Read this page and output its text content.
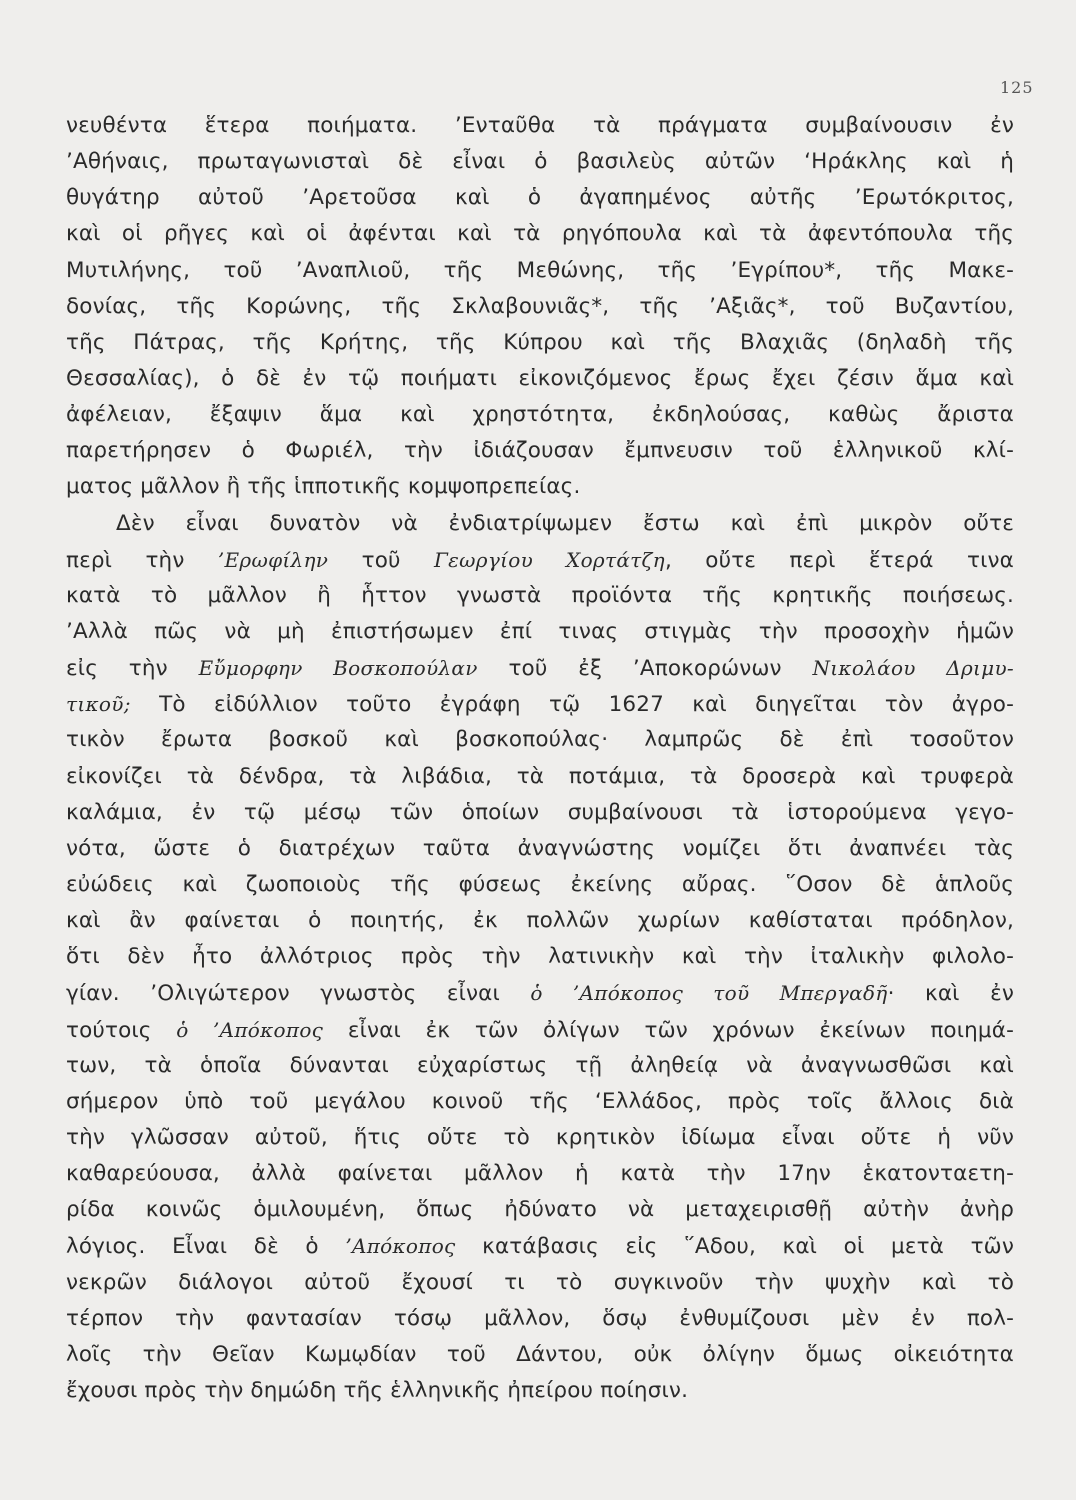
125
νευθέντα ἕτερα ποιήματα. ’Ενταῦθα τὰ πράγματα συμβαίνουσιν ἐν
’Αθήναις, πρωταγωνισταὶ δὲ εἶναι ὁ βασιλεὺς αὐτῶν ‘Ηράκλης καὶ ἡ
θυγάτηρ αὐτοῦ ’Αρετοῦσα καὶ ὁ ἀγαπημένος αὐτῆς ’Ερωτόκριτος,
καὶ οἱ ρῆγες καὶ οἱ ἀφένται καὶ τὰ ρηγόπουλα καὶ τὰ ἀφεντόπουλα τῆς
Μυτιλήνης, τοῦ ’Αναπλιοῦ, τῆς Μεθώνης, τῆς ’Εγρίπου*, τῆς Μακε-
δονίας, τῆς Κορώνης, τῆς Σκλαβουνιᾶς*, τῆς ’Αξιᾶς*, τοῦ Βυζαντίου,
τῆς Πάτρας, τῆς Κρήτης, τῆς Κύπρου καὶ τῆς Βλαχιᾶς (δηλαδὴ τῆς
Θεσσαλίας), ὁ δὲ ἐν τῷ ποιήματι εἰκονιζόμενος ἔρως ἔχει ζέσιν ἅμα καὶ
ἀφέλειαν, ἔξαψιν ἅμα καὶ χρηστότητα, ἐκδηλούσας, καθὼς ἄριστα
παρετήρησεν ὁ Φωριέλ, τὴν ἰδιάζουσαν ἔμπνευσιν τοῦ ἑλληνικοῦ κλί-
ματος μᾶλλον ἢ τῆς ἱπποτικῆς κομψοπρεπείας.
Δὲν εἶναι δυνατὸν νὰ ἐνδιατρίψωμεν ἔστω καὶ ἐπὶ μικρὸν οὔτε
περὶ τὴν ’Ερωφίλην τοῦ Γεωργίου Χορτάτζη, οὔτε περὶ ἕτερά τινα
κατὰ τὸ μᾶλλον ἢ ἧττον γνωστὰ προϊόντα τῆς κρητικῆς ποιήσεως.
’Αλλὰ πῶς νὰ μὴ ἐπιστήσωμεν ἐπί τινας στιγμὰς τὴν προσοχὴν ἡμῶν
εἰς τὴν Εὔμορφην Βοσκοπούλαν τοῦ ἐξ ’Αποκορώνων Νικολάου Δριμυ-
τικοῦ; Τὸ εἰδύλλιον τοῦτο ἐγράφη τῷ 1627 καὶ διηγεῖται τὸν ἀγρο-
τικὸν ἔρωτα βοσκοῦ καὶ βοσκοπούλας· λαμπρῶς δὲ ἐπὶ τοσοῦτον
εἰκονίζει τὰ δένδρα, τὰ λιβάδια, τὰ ποτάμια, τὰ δροσερὰ καὶ τρυφερὰ
καλάμια, ἐν τῷ μέσῳ τῶν ὁποίων συμβαίνουσι τὰ ἱστορούμενα γεγο-
νότα, ὥστε ὁ διατρέχων ταῦτα ἀναγνώστης νομίζει ὅτι ἀναπνέει τὰς
εὐώδεις καὶ ζωοποιοὺς τῆς φύσεως ἐκείνης αὔρας. ῞Οσον δὲ ἁπλοῦς
καὶ ἂν φαίνεται ὁ ποιητής, ἐκ πολλῶν χωρίων καθίσταται πρόδηλον,
ὅτι δὲν ἦτο ἀλλότριος πρὸς τὴν λατινικὴν καὶ τὴν ἰταλικὴν φιλολο-
γίαν. ’Ολιγώτερον γνωστὸς εἶναι ὁ ’Απόκοπος τοῦ Μπεργαδῆ· καὶ ἐν
τούτοις ὁ ’Απόκοπος εἶναι ἐκ τῶν ὀλίγων τῶν χρόνων ἐκείνων ποιημά-
των, τὰ ὁποῖα δύνανται εὐχαρίστως τῇ ἀληθείᾳ νὰ ἀναγνωσθῶσι καὶ
σήμερον ὑπὸ τοῦ μεγάλου κοινοῦ τῆς ‘Ελλάδος, πρὸς τοῖς ἄλλοις διὰ
τὴν γλῶσσαν αὐτοῦ, ἥτις οὔτε τὸ κρητικὸν ἰδίωμα εἶναι οὔτε ἡ νῦν
καθαρεύουσα, ἀλλὰ φαίνεται μᾶλλον ἡ κατὰ τὴν 17ην ἑκατονταετη-
ρίδα κοινῶς ὁμιλουμένη, ὅπως ἠδύνατο νὰ μεταχειρισθῇ αὐτὴν ἀνὴρ
λόγιος. Εἶναι δὲ ὁ ’Απόκοπος κατάβασις εἰς ῞Αδου, καὶ οἱ μετὰ τῶν
νεκρῶν διάλογοι αὐτοῦ ἔχουσί τι τὸ συγκινοῦν τὴν ψυχὴν καὶ τὸ
τέρπον τὴν φαντασίαν τόσῳ μᾶλλον, ὅσῳ ἐνθυμίζουσι μὲν ἐν πολ-
λοῖς τὴν Θεῖαν Κωμῳδίαν τοῦ Δάντου, οὐκ ὀλίγην ὅμως οἰκειότητα
ἔχουσι πρὸς τὴν δημώδη τῆς ἑλληνικῆς ἠπείρου ποίησιν.
